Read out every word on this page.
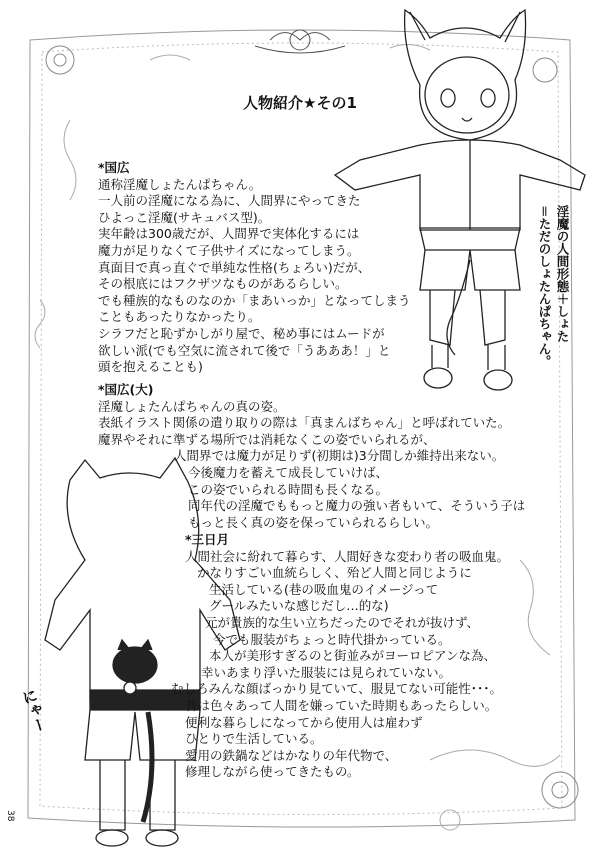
人物紹介★その1
淫魔の人間形態＋しょた
＝ただのしょたんぱちゃん。
*国広
通称淫魔しょたんぱちゃん。
一人前の淫魔になる為に、人間界にやってきた
ひよっこ淫魔(サキュバス型)。
実年齢は300歳だが、人間界で実体化するには
魔力が足りなくて子供サイズになってしまう。
真面目で真っ直ぐで単純な性格(ちょろい)だが、
その根底にはフクザツなものがあるらしい。
でも種族的なものなのか「まあいっか」となってしまう
こともあったりなかったり。
シラフだと恥ずかしがり屋で、秘め事にはムードが
欲しい派(でも空気に流されて後で「うあああ！」と
頭を抱えることも)
*国広(大)
淫魔しょたんぱちゃんの真の姿。
表紙イラスト関係の遣り取りの際は「真まんばちゃん」と呼ばれていた。
魔界やそれに準ずる場所では消耗なくこの姿でいられるが、
人間界では魔力が足りず(初期は)3分間しか維持出来ない。
今後魔力を蓄えて成長していけば、
この姿でいられる時間も長くなる。
同年代の淫魔でももっと魔力の強い者もいて、そういう子は
もっと長く真の姿を保っていられるらしい。
*三日月
人間社会に紛れて暮らす、人間好きな変わり者の吸血鬼。
かなりすごい血統らしく、殆ど人間と同じように
生活している(巷の吸血鬼のイメージって
グールみたいな感じだし…的な)
元が貴族的な生い立ちだったのでそれが抜けず、
今でも服装がちょっと時代掛かっている。
本人が美形すぎるのと街並みがヨーロピアンな為、
幸いあまり浮いた服装には見られていない。
むしろみんな顔ばっかり見ていて、服見てない可能性･･･。
昔は色々あって人間を嫌っていた時期もあったらしい。
便利な暮らしになってから使用人は雇わず
ひとりで生活している。
愛用の鉄鍋などはかなりの年代物で、
修理しながら使ってきたもの。
にゃー
38
